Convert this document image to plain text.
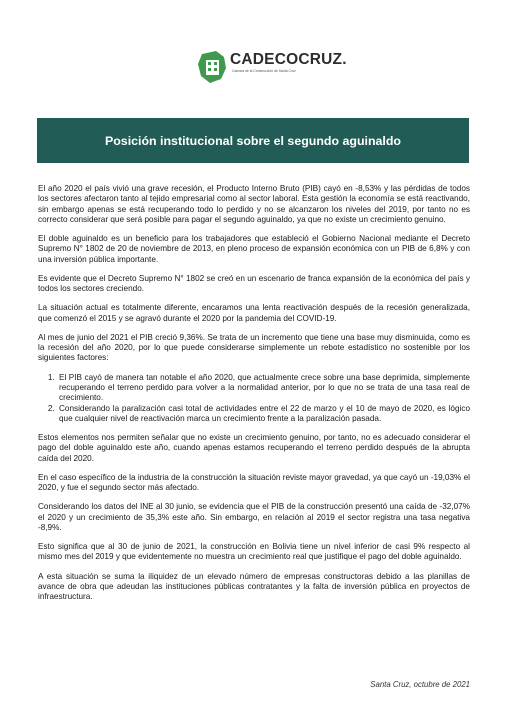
CADECOCRUZ.
Cámara de la Construcción de Santa Cruz
Posición institucional sobre el segundo aguinaldo

El año 2020 el país vivió una grave recesión, el Producto Interno Bruto (PIB) cayó en -8,53% y las pérdidas de todos los sectores afectaron tanto al tejido empresarial como al sector laboral. Esta gestión la economía se está reactivando, sin embargo apenas se está recuperando todo lo perdido y no se alcanzaron los niveles del 2019, por tanto no es correcto considerar que será posible para pagar el segundo aguinaldo, ya que no existe un crecimiento genuino.

El doble aguinaldo es un beneficio para los trabajadores que estableció el Gobierno Nacional mediante el Decreto Supremo N° 1802 de 20 de noviembre de 2013, en pleno proceso de expansión económica con un PIB de 6,8% y con una inversión pública importante.

Es evidente que el Decreto Supremo N° 1802 se creó en un escenario de franca expansión de la económica del país y todos los sectores creciendo.

La situación actual es totalmente diferente, encaramos una lenta reactivación después de la recesión generalizada, que comenzó el 2015 y se agravó durante el 2020 por la pandemia del COVID-19.

Al mes de junio del 2021 el PIB creció 9,36%. Se trata de un incremento que tiene una base muy disminuida, como es la recesión del año 2020, por lo que puede considerarse simplemente un rebote estadístico no sostenible por los siguientes factores:

1. El PIB cayó de manera tan notable el año 2020, que actualmente crece sobre una base deprimida, simplemente recuperando el terreno perdido para volver a la normalidad anterior, por lo que no se trata de una tasa real de crecimiento.
2. Considerando la paralización casi total de actividades entre el 22 de marzo y el 10 de mayo de 2020, es lógico que cualquier nivel de reactivación marca un crecimiento frente a la paralización pasada.

Estos elementos nos permiten señalar que no existe un crecimiento genuino, por tanto, no es adecuado considerar el pago del doble aguinaldo este año, cuando apenas estamos recuperando el terreno perdido después de la abrupta caída del 2020.

En el caso específico de la industria de la construcción la situación reviste mayor gravedad, ya que cayó un -19,03% el 2020, y fue el segundo sector más afectado.

Considerando los datos del INE al 30 junio, se evidencia que el PIB de la construcción presentó una caída de -32,07% el 2020 y un crecimiento de 35,3% este año. Sin embargo, en relación al 2019 el sector registra una tasa negativa -8,9%.

Esto significa que al 30 de junio de 2021, la construcción en Bolivia tiene un nivel inferior de casi 9% respecto al mismo mes del 2019 y que evidentemente no muestra un crecimiento real que justifique el pago del doble aguinaldo.

A esta situación se suma la iliquidez de un elevado número de empresas constructoras debido a las planillas de avance de obra que adeudan las instituciones públicas contratantes y la falta de inversión pública en proyectos de infraestructura.

Santa Cruz, octubre de 2021
